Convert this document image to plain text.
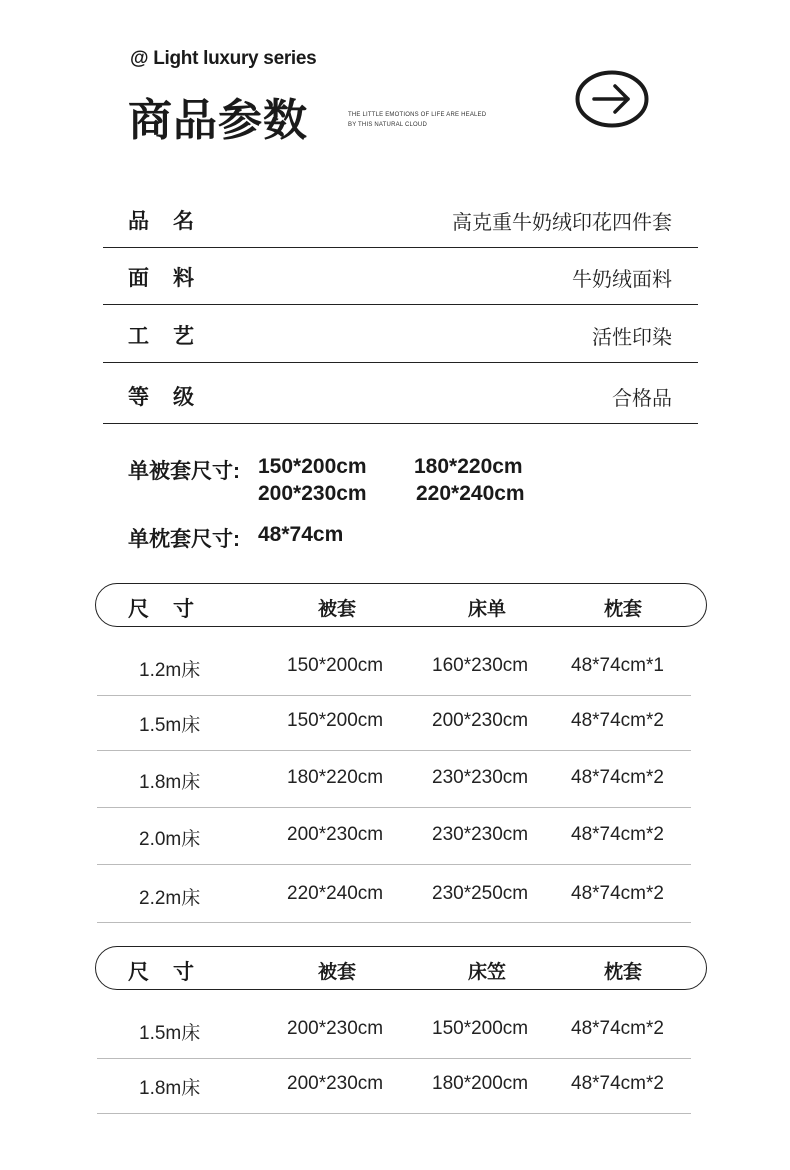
@ Light luxury series
商品参数	THE LITTLE EMOTIONS OF LIFE ARE HEALED
BY THIS NATURAL CLOUD
品名	高克重牛奶绒印花四件套
面料	牛奶绒面料
工艺	活性印染
等级	合格品
单被套尺寸: 150*200cm 180*220cm
200*230cm 220*240cm
单枕套尺寸: 48*74cm
尺寸	被套	床单	枕套
1.2m床	150*200cm	160*230cm 48*74cm*1
1.5m床	150*200cm	200*230cm 48*74cm*2
1.8m床	180*220cm	230*230cm 48*74cm*2
2.0m床	200*230cm	230*230cm 48*74cm*2
2.2m床	220*240cm	230*250cm 48*74cm*2
尺寸	被套	床笠	枕套
1.5m床	200*230cm	150*200cm 48*74cm*2
1.8m床	200*230cm	180*200cm 48*74cm*2
